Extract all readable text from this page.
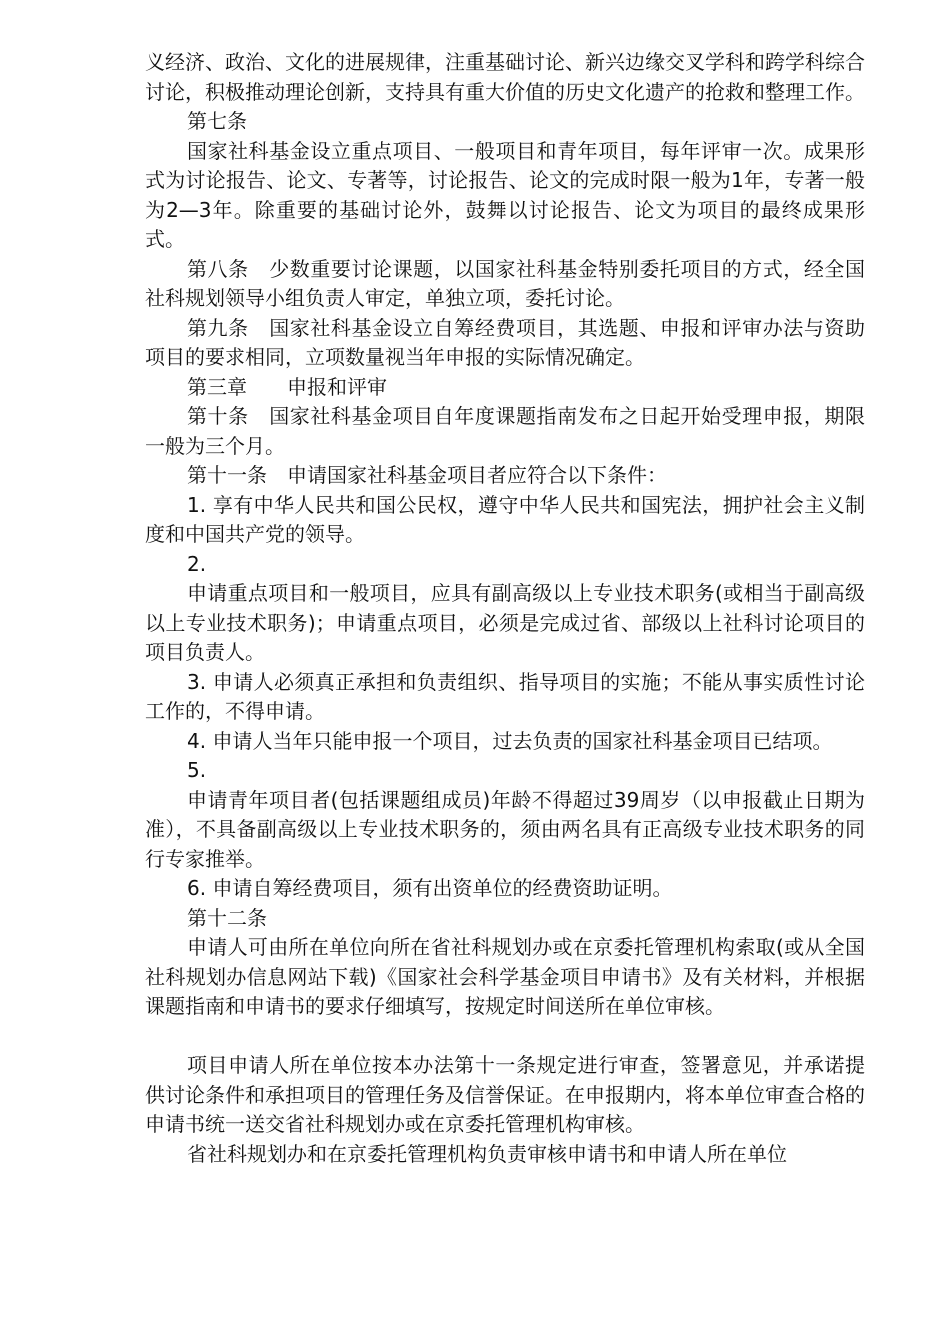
义经济、政治、文化的进展规律，注重基础讨论、新兴边缘交叉学科和跨学科综合讨论，积极推动理论创新，支持具有重大价值的历史文化遗产的抢救和整理工作。

第七条

国家社科基金设立重点项目、一般项目和青年项目，每年评审一次。成果形式为讨论报告、论文、专著等，讨论报告、论文的完成时限一般为1年，专著一般为2—3年。除重要的基础讨论外，鼓舞以讨论报告、论文为项目的最终成果形式。

第八条　少数重要讨论课题，以国家社科基金特别委托项目的方式，经全国社科规划领导小组负责人审定，单独立项，委托讨论。

第九条　国家社科基金设立自筹经费项目，其选题、申报和评审办法与资助项目的要求相同，立项数量视当年申报的实际情况确定。

第三章　　申报和评审

第十条　国家社科基金项目自年度课题指南发布之日起开始受理申报，期限一般为三个月。

第十一条　申请国家社科基金项目者应符合以下条件：

1. 享有中华人民共和国公民权，遵守中华人民共和国宪法，拥护社会主义制度和中国共产党的领导。

2.

申请重点项目和一般项目，应具有副高级以上专业技术职务(或相当于副高级以上专业技术职务)；申请重点项目，必须是完成过省、部级以上社科讨论项目的项目负责人。

3. 申请人必须真正承担和负责组织、指导项目的实施；不能从事实质性讨论工作的，不得申请。

4. 申请人当年只能申报一个项目，过去负责的国家社科基金项目已结项。

5.

申请青年项目者(包括课题组成员)年龄不得超过39周岁（以申报截止日期为准），不具备副高级以上专业技术职务的，须由两名具有正高级专业技术职务的同行专家推举。

6. 申请自筹经费项目，须有出资单位的经费资助证明。

第十二条

申请人可由所在单位向所在省社科规划办或在京委托管理机构索取(或从全国社科规划办信息网站下载)《国家社会科学基金项目申请书》及有关材料，并根据课题指南和申请书的要求仔细填写，按规定时间送所在单位审核。

项目申请人所在单位按本办法第十一条规定进行审查，签署意见，并承诺提供讨论条件和承担项目的管理任务及信誉保证。在申报期内，将本单位审查合格的申请书统一送交省社科规划办或在京委托管理机构审核。

省社科规划办和在京委托管理机构负责审核申请书和申请人所在单位
